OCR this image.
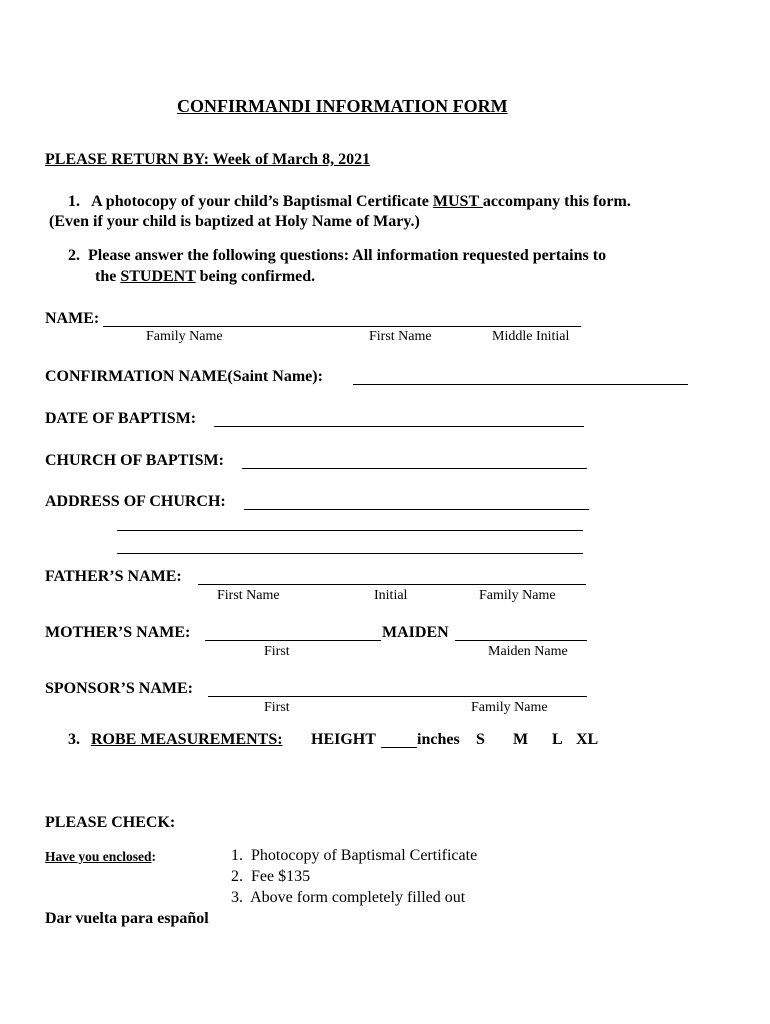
CONFIRMANDI INFORMATION FORM
PLEASE RETURN BY: Week of March 8, 2021
1. A photocopy of your child’s Baptismal Certificate MUST accompany this form.
(Even if your child is baptized at Holy Name of Mary.)
2. Please answer the following questions: All information requested pertains to
the STUDENT being confirmed.
NAME:
Family Name	First Name	Middle Initial
CONFIRMATION NAME(Saint Name):
DATE OF BAPTISM:
CHURCH OF BAPTISM:
ADDRESS OF CHURCH:
FATHER’S NAME:
First Name	Initial	Family Name
MOTHER’S NAME:	MAIDEN
First	Maiden Name
SPONSOR’S NAME:
First	Family Name
3. ROBE MEASUREMENTS: HEIGHT	inches S M L XL
PLEASE CHECK:
Have you enclosed:	1. Photocopy of Baptismal Certificate
2. Fee $135
3. Above form completely filled out
Dar vuelta para español
